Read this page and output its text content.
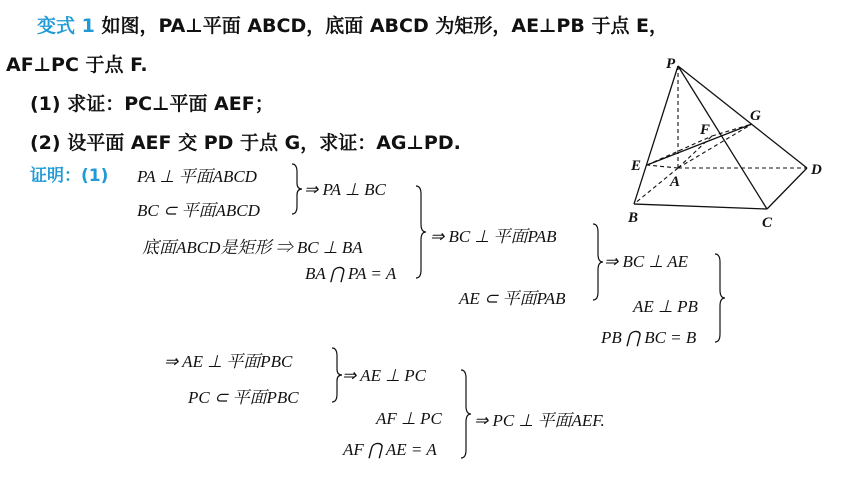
变式 1 如图，PA⊥平面 ABCD，底面 ABCD 为矩形，AE⊥PB 于点 E，
AF⊥PC 于点 F.
(1) 求证：PC⊥平面 AEF；
(2) 设平面 AEF 交 PD 于点 G，求证：AG⊥PD.
证明：(1) PA ⊥ 平面ABCD
BC ⊂ 平面ABCD
⇒ PA ⊥ BC
底面ABCD是矩形 ⇒ BC ⊥ BA
BA ⋂ PA = A
⇒ BC ⊥ 平面PAB
AE ⊂ 平面PAB
⇒ BC ⊥ AE
AE ⊥ PB
PB ⋂ BC = B
⇒ AE ⊥ 平面PBC
PC ⊂ 平面PBC
⇒ AE ⊥ PC
AF ⊥ PC
AF ⋂ AE = A
⇒ PC ⊥ 平面AEF.
P
G
F
E
A
D
B	C
